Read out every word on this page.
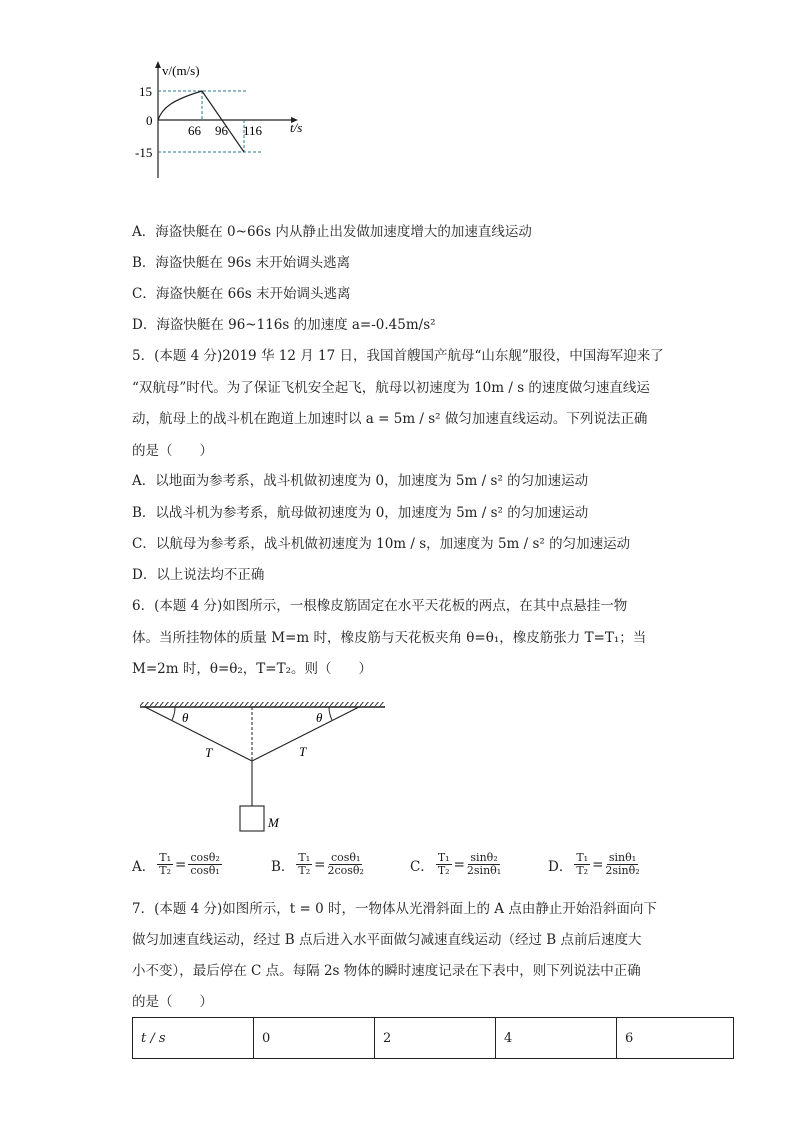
v/(m/s)
15
0
-15
66 96 116 t/s
A．海盗快艇在 0~66s 内从静止出发做加速度增大的加速直线运动
B．海盗快艇在 96s 末开始调头逃离
C．海盗快艇在 66s 末开始调头逃离
D．海盗快艇在 96~116s 的加速度 a=-0.45m/s²
5．(本题 4 分)2019 华 12 月 17 日，我国首艘国产航母“山东舰”服役，中国海军迎来了
“双航母”时代。为了保证飞机安全起飞，航母以初速度为 10m / s 的速度做匀速直线运
动，航母上的战斗机在跑道上加速时以 a = 5m / s² 做匀加速直线运动。下列说法正确
的是（　　）
A．以地面为参考系，战斗机做初速度为 0，加速度为 5m / s² 的匀加速运动
B．以战斗机为参考系，航母做初速度为 0，加速度为 5m / s² 的匀加速运动
C．以航母为参考系，战斗机做初速度为 10m / s，加速度为 5m / s² 的匀加速运动
D．以上说法均不正确
6．(本题 4 分)如图所示，一根橡皮筋固定在水平天花板的两点，在其中点悬挂一物
体。当所挂物体的质量 M=m 时，橡皮筋与天花板夹角 θ=θ₁，橡皮筋张力 T=T₁；当
M=2m 时，θ=θ₂，T=T₂。则（　　）
θ	θ
T	T
M
A． $\frac{\text{T₁}}{\text{T₂}} = \frac{\text{cosθ₂}}{\text{cosθ₁}}$	B． $\frac{\text{T₁}}{\text{T₂}} = \frac{\text{cosθ₁}}{\text{2cosθ₂}}$	C． $\frac{\text{T₁}}{\text{T₂}} = \frac{\text{sinθ₂}}{\text{2sinθ₁}}$	D． $\frac{\text{T₁}}{\text{T₂}} = \frac{\text{sinθ₁}}{\text{2sinθ₂}}$
7．(本题 4 分)如图所示，t = 0 时，一物体从光滑斜面上的 A 点由静止开始沿斜面向下
做匀加速直线运动，经过 B 点后进入水平面做匀减速直线运动（经过 B 点前后速度大
小不变），最后停在 C 点。每隔 2s 物体的瞬时速度记录在下表中，则下列说法中正确
的是（　　）
t / s	0	2	4	6
